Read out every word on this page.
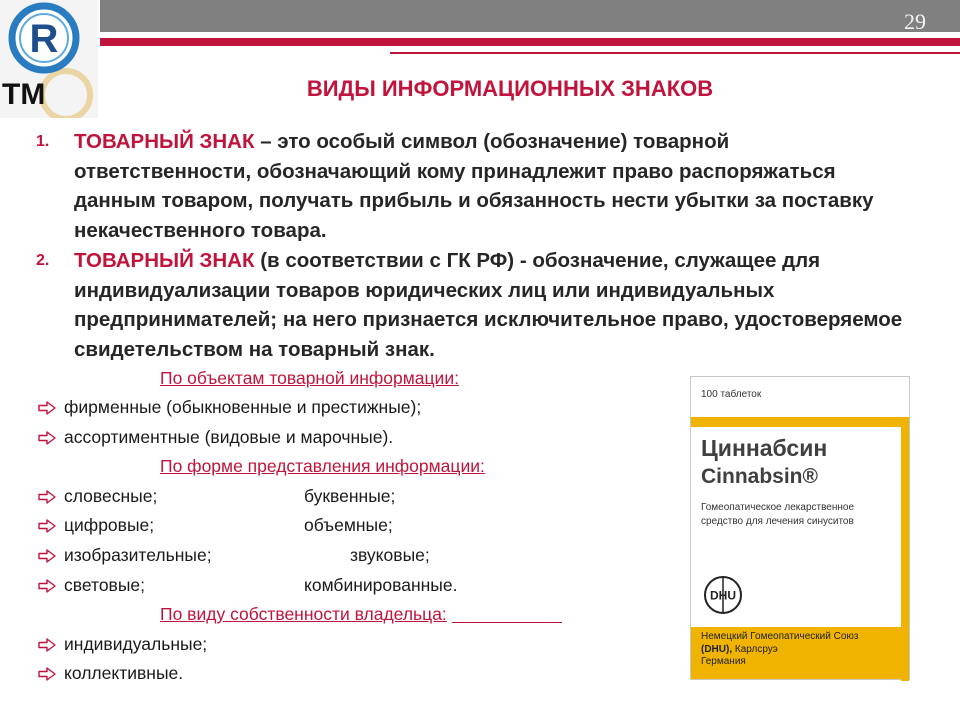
29
R
TM	ВИДЫ ИНФОРМАЦИОННЫХ ЗНАКОВ
1. ТОВАРНЫЙ ЗНАК – это особый символ (обозначение) товарной ответственности, обозначающий кому принадлежит право распоряжаться данным товаром, получать прибыль и обязанность нести убытки за поставку некачественного товара.
2. ТОВАРНЫЙ ЗНАК (в соответствии с ГК РФ) - обозначение, служащее для индивидуализации товаров юридических лиц или индивидуальных предпринимателей; на него признается исключительное право, удостоверяемое свидетельством на товарный знак.
По объектам товарной информации:
фирменные (обыкновенные и престижные);
ассортиментные (видовые и марочные).
По форме представления информации:
словесные;	буквенные;
цифровые;	объемные;
изобразительные;	звуковые;
световые;	комбинированные.
По виду собственности владельца:
индивидуальные;
коллективные.
100 таблеток
Циннабсин
Cinnabsin®
Гомеопатическое лекарственное средство для лечения синуситов
DHU
Немецкий Гомеопатический Союз
(DHU), Карлсруэ
Германия
